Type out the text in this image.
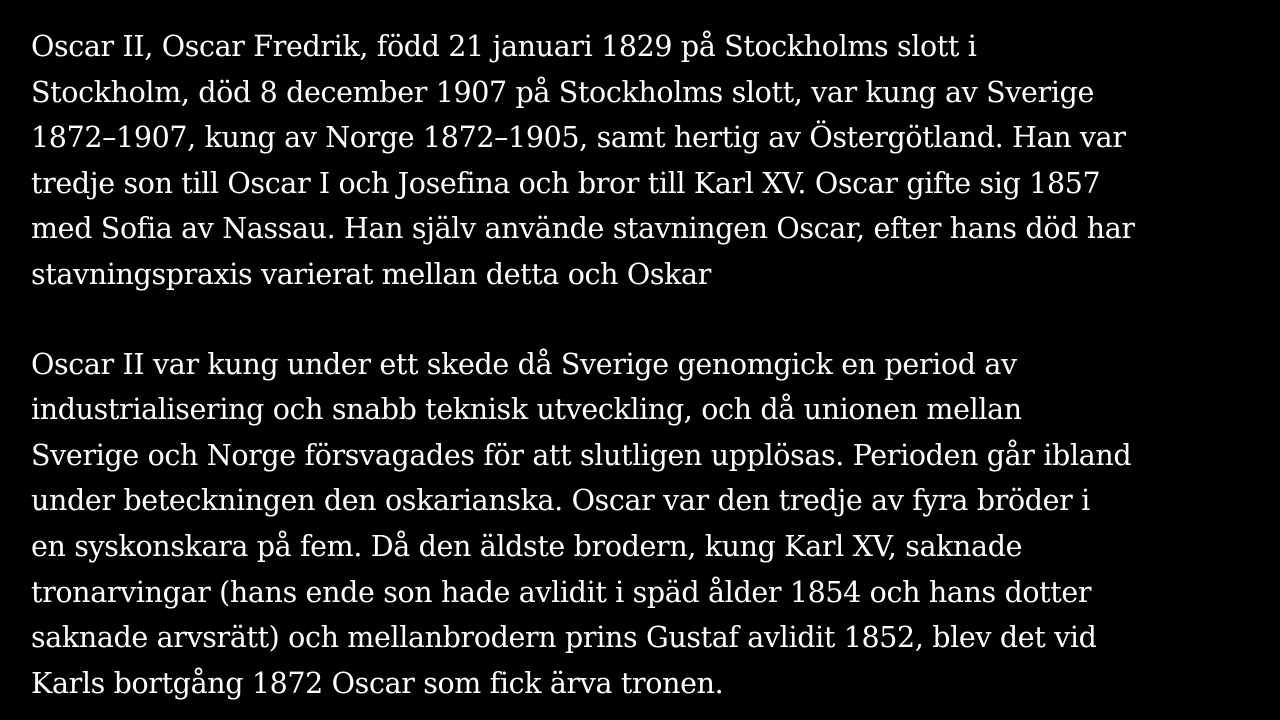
Oscar II, Oscar Fredrik, född 21 januari 1829 på Stockholms slott i
Stockholm, död 8 december 1907 på Stockholms slott, var kung av Sverige
1872–1907, kung av Norge 1872–1905, samt hertig av Östergötland. Han var
tredje son till Oscar I och Josefina och bror till Karl XV. Oscar gifte sig 1857
med Sofia av Nassau. Han själv använde stavningen Oscar, efter hans död har
stavningspraxis varierat mellan detta och Oskar

Oscar II var kung under ett skede då Sverige genomgick en period av
industrialisering och snabb teknisk utveckling, och då unionen mellan
Sverige och Norge försvagades för att slutligen upplösas. Perioden går ibland
under beteckningen den oskarianska. Oscar var den tredje av fyra bröder i
en syskonskara på fem. Då den äldste brodern, kung Karl XV, saknade
tronarvingar (hans ende son hade avlidit i späd ålder 1854 och hans dotter
saknade arvsrätt) och mellanbrodern prins Gustaf avlidit 1852, blev det vid
Karls bortgång 1872 Oscar som fick ärva tronen.
